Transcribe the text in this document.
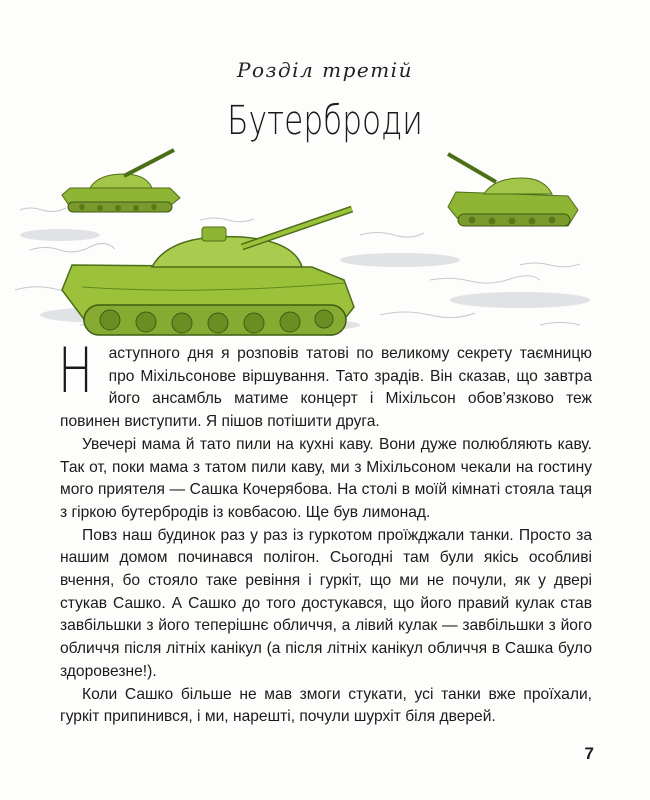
Розділ третій
Бутерброди

Н аступного дня я розповів татові по великому секрету таємницю про Міхільсонове віршування. Тато зрадів. Він сказав, що завтра його ансамбль матиме концерт і Міхільсон обов’язково теж повинен виступити. Я пішов потішити друга.

Увечері мама й тато пили на кухні каву. Вони дуже полюбляють каву. Так от, поки мама з татом пили каву, ми з Міхільсоном чекали на гостину мого приятеля — Сашка Кочерябова. На столі в моїй кімнаті стояла таця з гіркою бутербродів із ковбасою. Ще був лимонад.

Повз наш будинок раз у раз із гуркотом проїжджали танки. Просто за нашим домом починався полігон. Сьогодні там були якісь особливі вчення, бо стояло таке ревіння і гуркіт, що ми не почули, як у двері стукав Сашко. А Сашко до того достукався, що його правий кулак став завбільшки з його теперішнє обличчя, а лівий кулак — завбільшки з його обличчя після літніх канікул (а після літніх канікул обличчя в Сашка було здоровезне!).

Коли Сашко більше не мав змоги стукати, усі танки вже проїхали, гуркіт припинився, і ми, нарешті, почули шурхіт біля дверей.

7
